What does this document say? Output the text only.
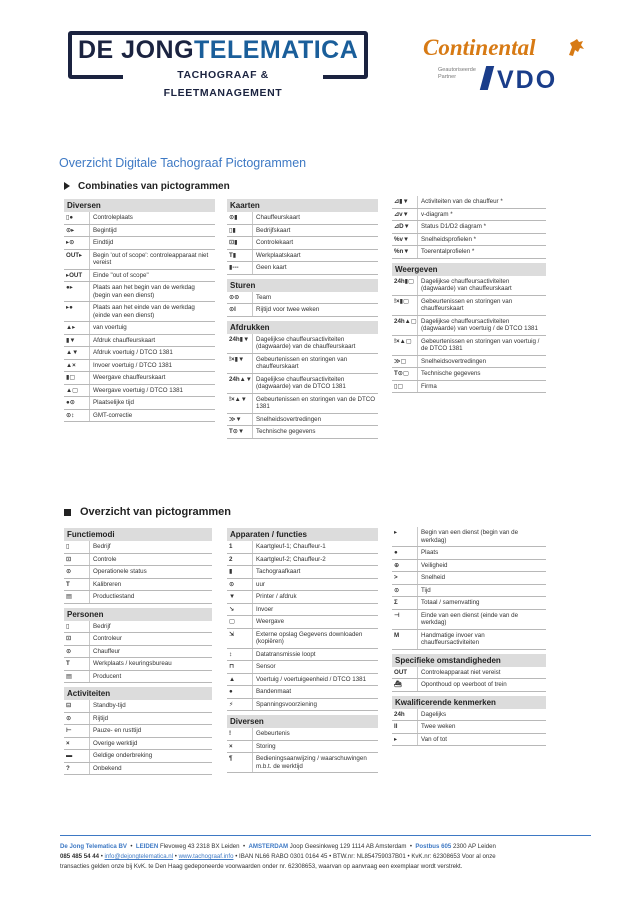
DE JONGTELEMATICA
TACHOGRAAF & FLEETMANAGEMENT
Continental
Geautoriseerde Partner	VDO
Overzicht Digitale Tachograaf Pictogrammen
Combinaties van pictogrammen
Diversen
▯●	Controleplaats
⊙▸	Begintijd
▸⊙	Eindtijd
OUT▸	Begin 'out of scope': controleapparaat niet vereist
▸OUT	Einde "out of scope"
●▸	Plaats aan het begin van de werkdag (begin van een dienst)
▸●	Plaats aan het einde van de werkdag (einde van een dienst)
▲▸	van voertuig
▮▼	Afdruk chauffeurskaart
▲▼	Afdruk voertuig / DTCO 1381
▲×	Invoer voertuig / DTCO 1381
▮▢	Weergave chauffeurskaart
▲▢	Weergave voertuig / DTCO 1381
●⊙	Plaatselijke tijd
⊙↕	GMT-correctie
Kaarten
⊙▮	Chauffeurskaart
▯▮	Bedrijfskaart
⊡▮	Controlekaart
T▮	Werkplaatskaart
▮---	Geen kaart
Sturen
⊙⊙	Team
⊙I	Rijtijd voor twee weken
Afdrukken
24h▮▼	Dagelijkse chauffeursactiviteiten (dagwaarde) van de chauffeurskaart
!×▮▼	Gebeurtenissen en storingen van chauffeurskaart
24h▲▼ Dagelijkse chauffeursactiviteiten (dagwaarde) van de DTCO 1381
!×▲▼	Gebeurtenissen en storingen van de DTCO 1381
≫▼	Snelheidsovertredingen
T⊙▼	Technische gegevens
⊿▮▼	Activiteiten van de chauffeur *
⊿v▼	v-diagram *
⊿D▼	Status D1/D2 diagram *
%v▼	Snelheidsprofielen *
%n▼	Toerentalprofielen *
Weergeven
24h▮▢	Dagelijkse chauffeursactiviteiten (dagwaarde) van chauffeurskaart
!×▮▢	Gebeurtenissen en storingen van chauffeurskaart
24h▲▢ Dagelijkse chauffeursactiviteiten (dagwaarde) van voertuig / de DTCO 1381
!×▲▢	Gebeurtenissen en storingen van voertuig / de DTCO 1381
≫▢	Snelheidsovertredingen
T⊙▢	Technische gegevens
▯▢	Firma
Overzicht van pictogrammen
Functiemodi
▯	Bedrijf
⊡	Controle
⊙	Operationele status
T	Kalibreren
▤	Productiestand
Personen
▯	Bedrijf
⊡	Controleur
⊙	Chauffeur
T	Werkplaats / keuringsbureau
▤	Producent
Activiteiten
⊟	Standby-tijd
⊙	Rijtijd
⊢	Pauze- en rusttijd
×	Overige werktijd
▬	Geldige onderbreking
?	Onbekend
Apparaten / functies
1	Kaartgleuf-1; Chauffeur-1
2	Kaartgleuf-2; Chauffeur-2
▮	Tachograafkaart
⊙	uur
▼	Printer / afdruk
↘	Invoer
▢	Weergave
⇲	Externe opslag Gegevens downloaden (kopiëren)
↕	Datatransmissie loopt
⊓	Sensor
▲	Voertuig / voertuigeenheid / DTCO 1381
●	Bandenmaat
⚡	Spanningsvoorziening
Diversen
!	Gebeurtenis
×	Storing
¶	Bedieningsaanwijzing / waarschuwingen m.b.t. de werktijd
▸	Begin van een dienst (begin van de werkdag)
●	Plaats
⊕	Veiligheid
>	Snelheid
⊙	Tijd
Σ	Totaal / samenvatting
⊣	Einde van een dienst (einde van de werkdag)
M	Handmatige invoer van chauffeursactiviteiten
Specifieke omstandigheden
OUT	Controleapparaat niet vereist
⛴	Oponthoud op veerboot of trein
Kwalificerende kenmerken
24h	Dagelijks
II	Twee weken
▸	Van of tot
De Jong Telematica BV • LEIDEN Flevoweg 43 2318 BX Leiden • AMSTERDAM Joop Geesinkweg 129 1114 AB Amsterdam • Postbus 605 2300 AP Leiden
085 485 54 44 • info@dejongtelematica.nl • www.tachograaf.info • IBAN NL66 RABO 0301 0164 45 • BTW.nr: NL854759037B01 • KvK.nr: 62308653 Voor al onze
transacties gelden onze bij KvK. te Den Haag gedeponeerde voorwaarden onder nr. 62308653, waarvan op aanvraag een exemplaar wordt verstrekt.
